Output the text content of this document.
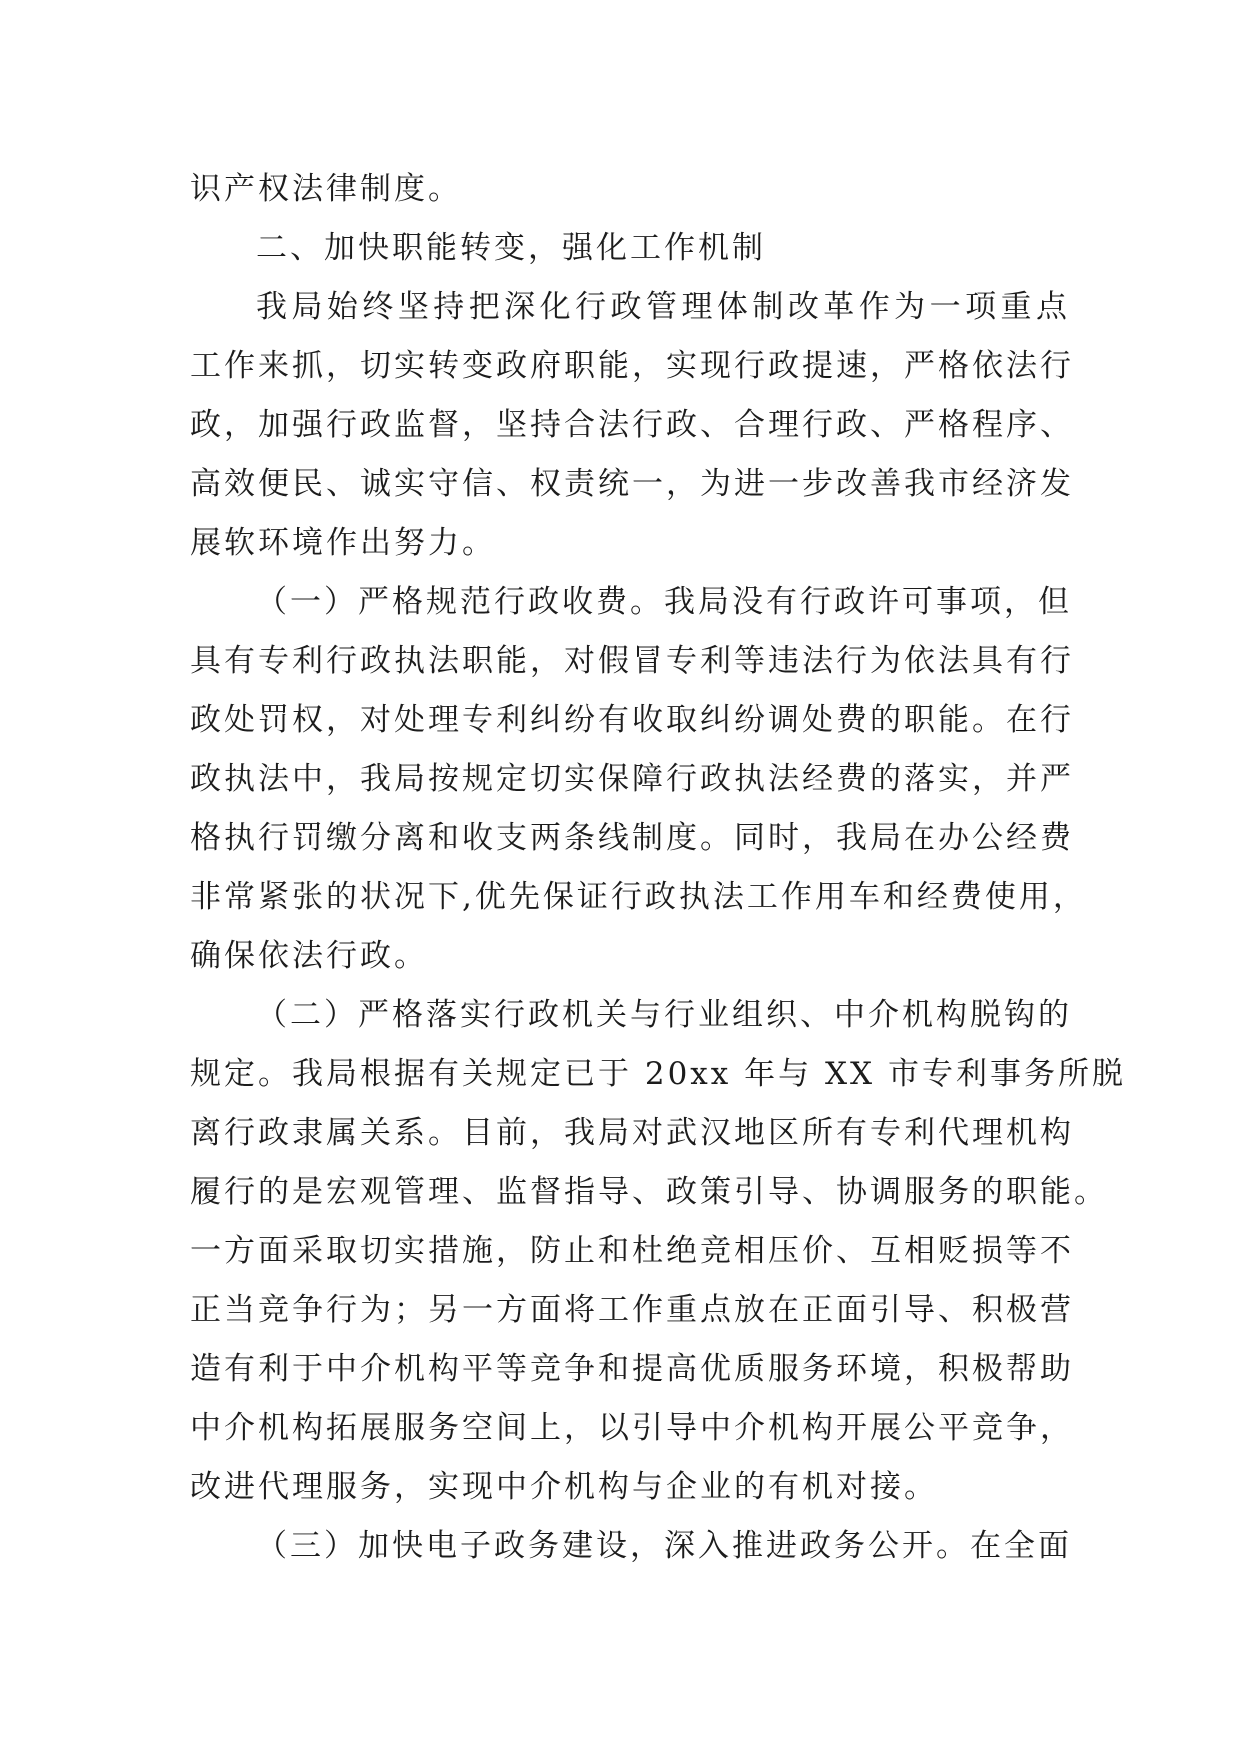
识产权法律制度。
二、加快职能转变，强化工作机制
我局始终坚持把深化行政管理体制改革作为一项重点
工作来抓，切实转变政府职能，实现行政提速，严格依法行
政，加强行政监督，坚持合法行政、合理行政、严格程序、
高效便民、诚实守信、权责统一，为进一步改善我市经济发
展软环境作出努力。
（一）严格规范行政收费。我局没有行政许可事项，但
具有专利行政执法职能，对假冒专利等违法行为依法具有行
政处罚权，对处理专利纠纷有收取纠纷调处费的职能。在行
政执法中，我局按规定切实保障行政执法经费的落实，并严
格执行罚缴分离和收支两条线制度。同时，我局在办公经费
非常紧张的状况下,优先保证行政执法工作用车和经费使用，
确保依法行政。
（二）严格落实行政机关与行业组织、中介机构脱钩的
规定。我局根据有关规定已于 20xx 年与 XX 市专利事务所脱
离行政隶属关系。目前，我局对武汉地区所有专利代理机构
履行的是宏观管理、监督指导、政策引导、协调服务的职能。
一方面采取切实措施，防止和杜绝竞相压价、互相贬损等不
正当竞争行为；另一方面将工作重点放在正面引导、积极营
造有利于中介机构平等竞争和提高优质服务环境，积极帮助
中介机构拓展服务空间上，以引导中介机构开展公平竞争，
改进代理服务，实现中介机构与企业的有机对接。
（三）加快电子政务建设，深入推进政务公开。在全面
